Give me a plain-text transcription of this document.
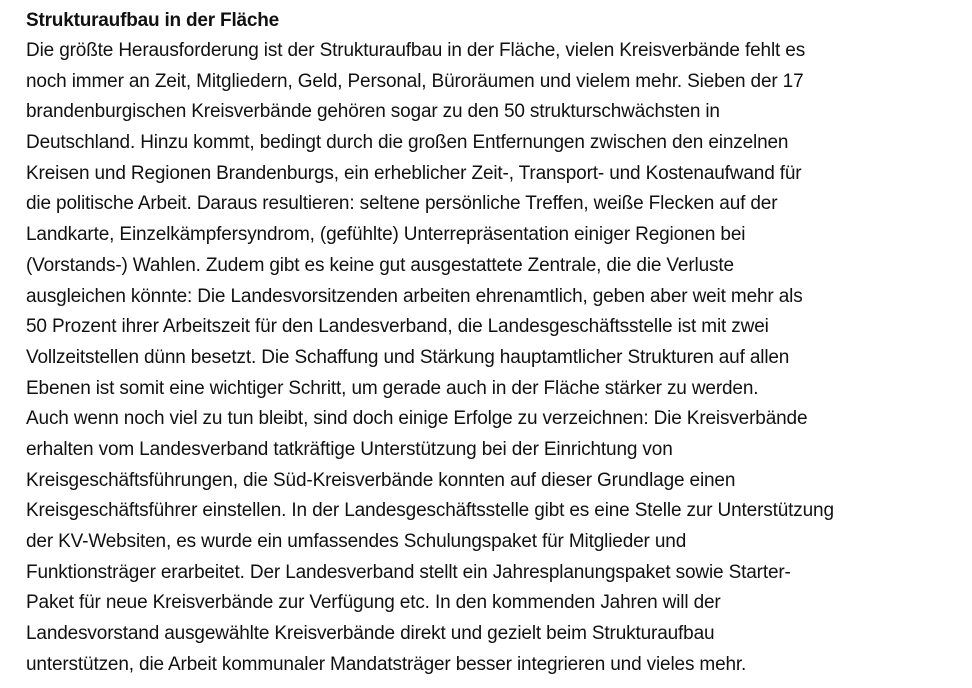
Strukturaufbau in der Fläche
Die größte Herausforderung ist der Strukturaufbau in der Fläche, vielen Kreisverbände fehlt es
noch immer an Zeit, Mitgliedern, Geld, Personal, Büroräumen und vielem mehr. Sieben der 17
brandenburgischen Kreisverbände gehören sogar zu den 50 strukturschwächsten in
Deutschland. Hinzu kommt, bedingt durch die großen Entfernungen zwischen den einzelnen
Kreisen und Regionen Brandenburgs, ein erheblicher Zeit-, Transport- und Kostenaufwand für
die politische Arbeit. Daraus resultieren: seltene persönliche Treffen, weiße Flecken auf der
Landkarte, Einzelkämpfersyndrom, (gefühlte) Unterrepräsentation einiger Regionen bei
(Vorstands-) Wahlen. Zudem gibt es keine gut ausgestattete Zentrale, die die Verluste
ausgleichen könnte: Die Landesvorsitzenden arbeiten ehrenamtlich, geben aber weit mehr als
50 Prozent ihrer Arbeitszeit für den Landesverband, die Landesgeschäftsstelle ist mit zwei
Vollzeitstellen dünn besetzt. Die Schaffung und Stärkung hauptamtlicher Strukturen auf allen
Ebenen ist somit eine wichtiger Schritt, um gerade auch in der Fläche stärker zu werden.
Auch wenn noch viel zu tun bleibt, sind doch einige Erfolge zu verzeichnen: Die Kreisverbände
erhalten vom Landesverband tatkräftige Unterstützung bei der Einrichtung von
Kreisgeschäftsführungen, die Süd-Kreisverbände konnten auf dieser Grundlage einen
Kreisgeschäftsführer einstellen. In der Landesgeschäftsstelle gibt es eine Stelle zur Unterstützung
der KV-Websiten, es wurde ein umfassendes Schulungspaket für Mitglieder und
Funktionsträger erarbeitet. Der Landesverband stellt ein Jahresplanungspaket sowie Starter-
Paket für neue Kreisverbände zur Verfügung etc. In den kommenden Jahren will der
Landesvorstand ausgewählte Kreisverbände direkt und gezielt beim Strukturaufbau
unterstützen, die Arbeit kommunaler Mandatsträger besser integrieren und vieles mehr.
